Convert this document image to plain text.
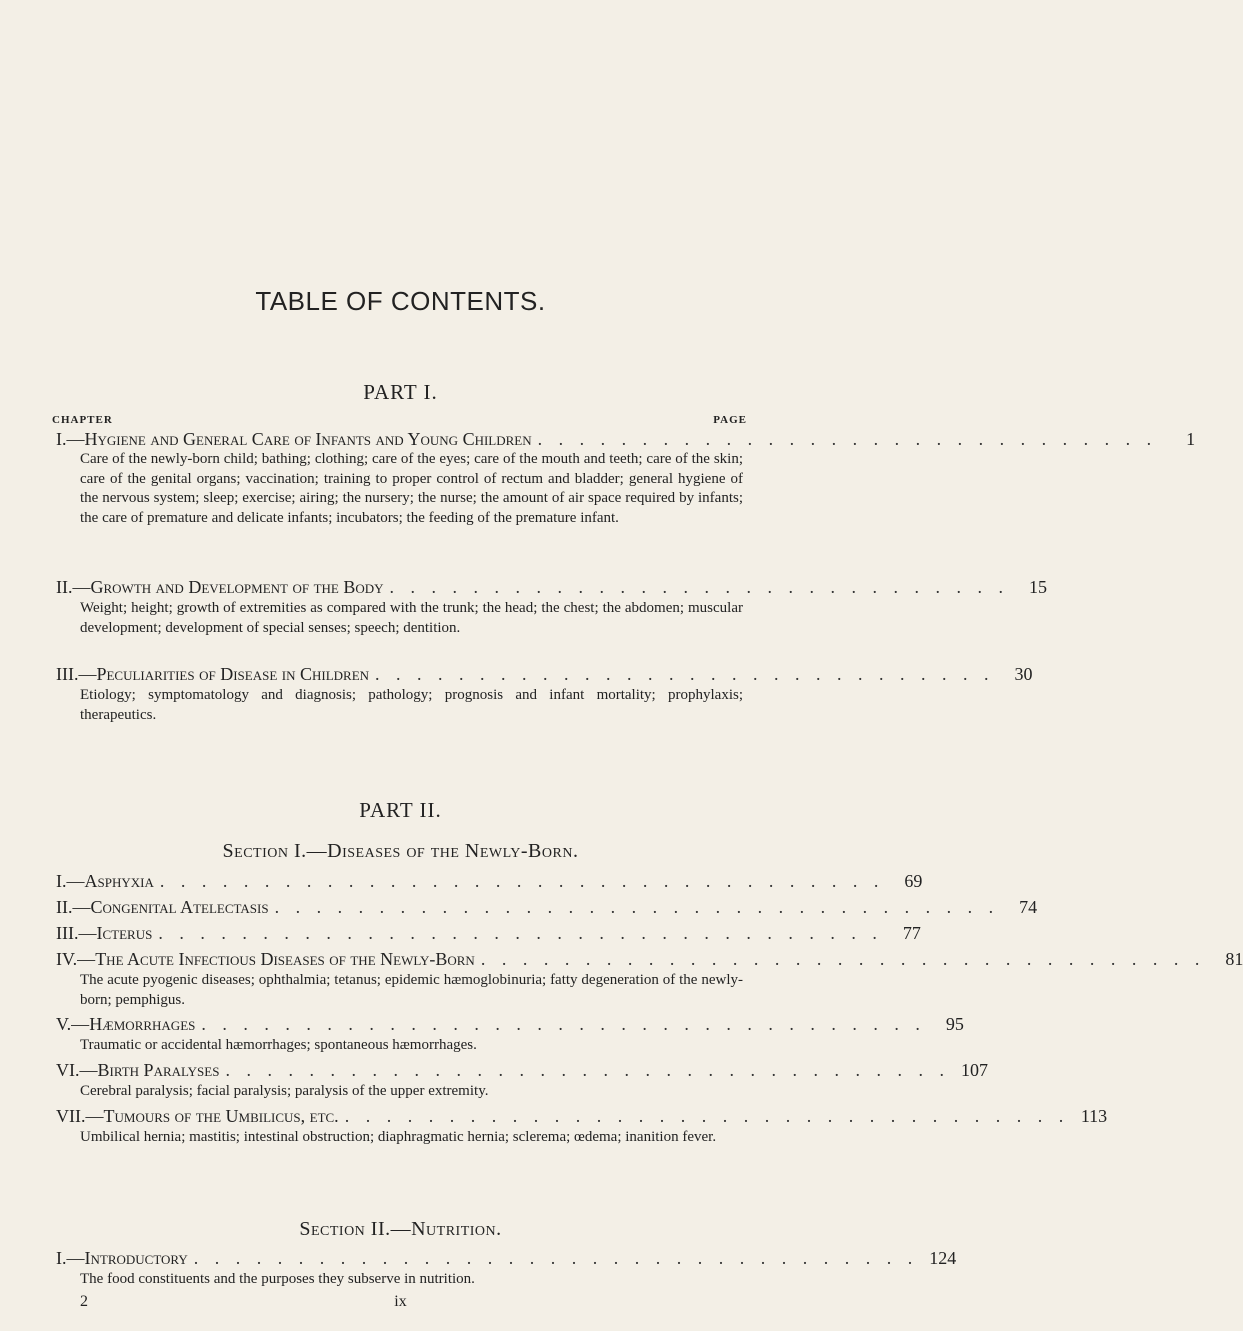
TABLE OF CONTENTS.
PART I.
CHAPTER	PAGE
I.—Hygiene and General Care of Infants and Young Children . . . . . . . . . . . . . . . . . . . . . . . . . . . . . .	1
Care of the newly-born child; bathing; clothing; care of the eyes; care of the mouth and teeth; care of the skin; care of the genital organs; vaccination; training to proper control of rectum and bladder; general hygiene of the nervous system; sleep; exercise; airing; the nursery; the nurse; the amount of air space required by infants; the care of premature and delicate infants; incubators; the feeding of the premature infant.
II.—Growth and Development of the Body . . . . . . . . . . . . . . . . . . . . . . . . . . . . . .	15
Weight; height; growth of extremities as compared with the trunk; the head; the chest; the abdomen; muscular development; development of special senses; speech; dentition.
III.—Peculiarities of Disease in Children . . . . . . . . . . . . . . . . . . . . . . . . . . . . . .	30
Etiology; symptomatology and diagnosis; pathology; prognosis and infant mortality; prophylaxis; therapeutics.
PART II.
Section I.—Diseases of the Newly-Born.
I.—Asphyxia . . . . . . . . . . . . . . . . . . . . . . . . . . . . . . . . . . .	69
II.—Congenital Atelectasis . . . . . . . . . . . . . . . . . . . . . . . . . . . . . . . . . . .	74
III.—Icterus . . . . . . . . . . . . . . . . . . . . . . . . . . . . . . . . . . .	77
IV.—The Acute Infectious Diseases of the Newly-Born . . . . . . . . . . . . . . . . . . . . . . . . . . . . . . . . . . .	81
The acute pyogenic diseases; ophthalmia; tetanus; epidemic hæmoglobinuria; fatty degeneration of the newly-born; pemphigus.
V.—Hæmorrhages . . . . . . . . . . . . . . . . . . . . . . . . . . . . . . . . . . .	95
Traumatic or accidental hæmorrhages; spontaneous hæmorrhages.
VI.—Birth Paralyses . . . . . . . . . . . . . . . . . . . . . . . . . . . . . . . . . . . 107
Cerebral paralysis; facial paralysis; paralysis of the upper extremity.
VII.—Tumours of the Umbilicus, etc. . . . . . . . . . . . . . . . . . . . . . . . . . . . . . . . . . . . 113
Umbilical hernia; mastitis; intestinal obstruction; diaphragmatic hernia; sclerema; œdema; inanition fever.
Section II.—Nutrition.
I.—Introductory . . . . . . . . . . . . . . . . . . . . . . . . . . . . . . . . . . . 124
The food constituents and the purposes they subserve in nutrition.
2	ix
